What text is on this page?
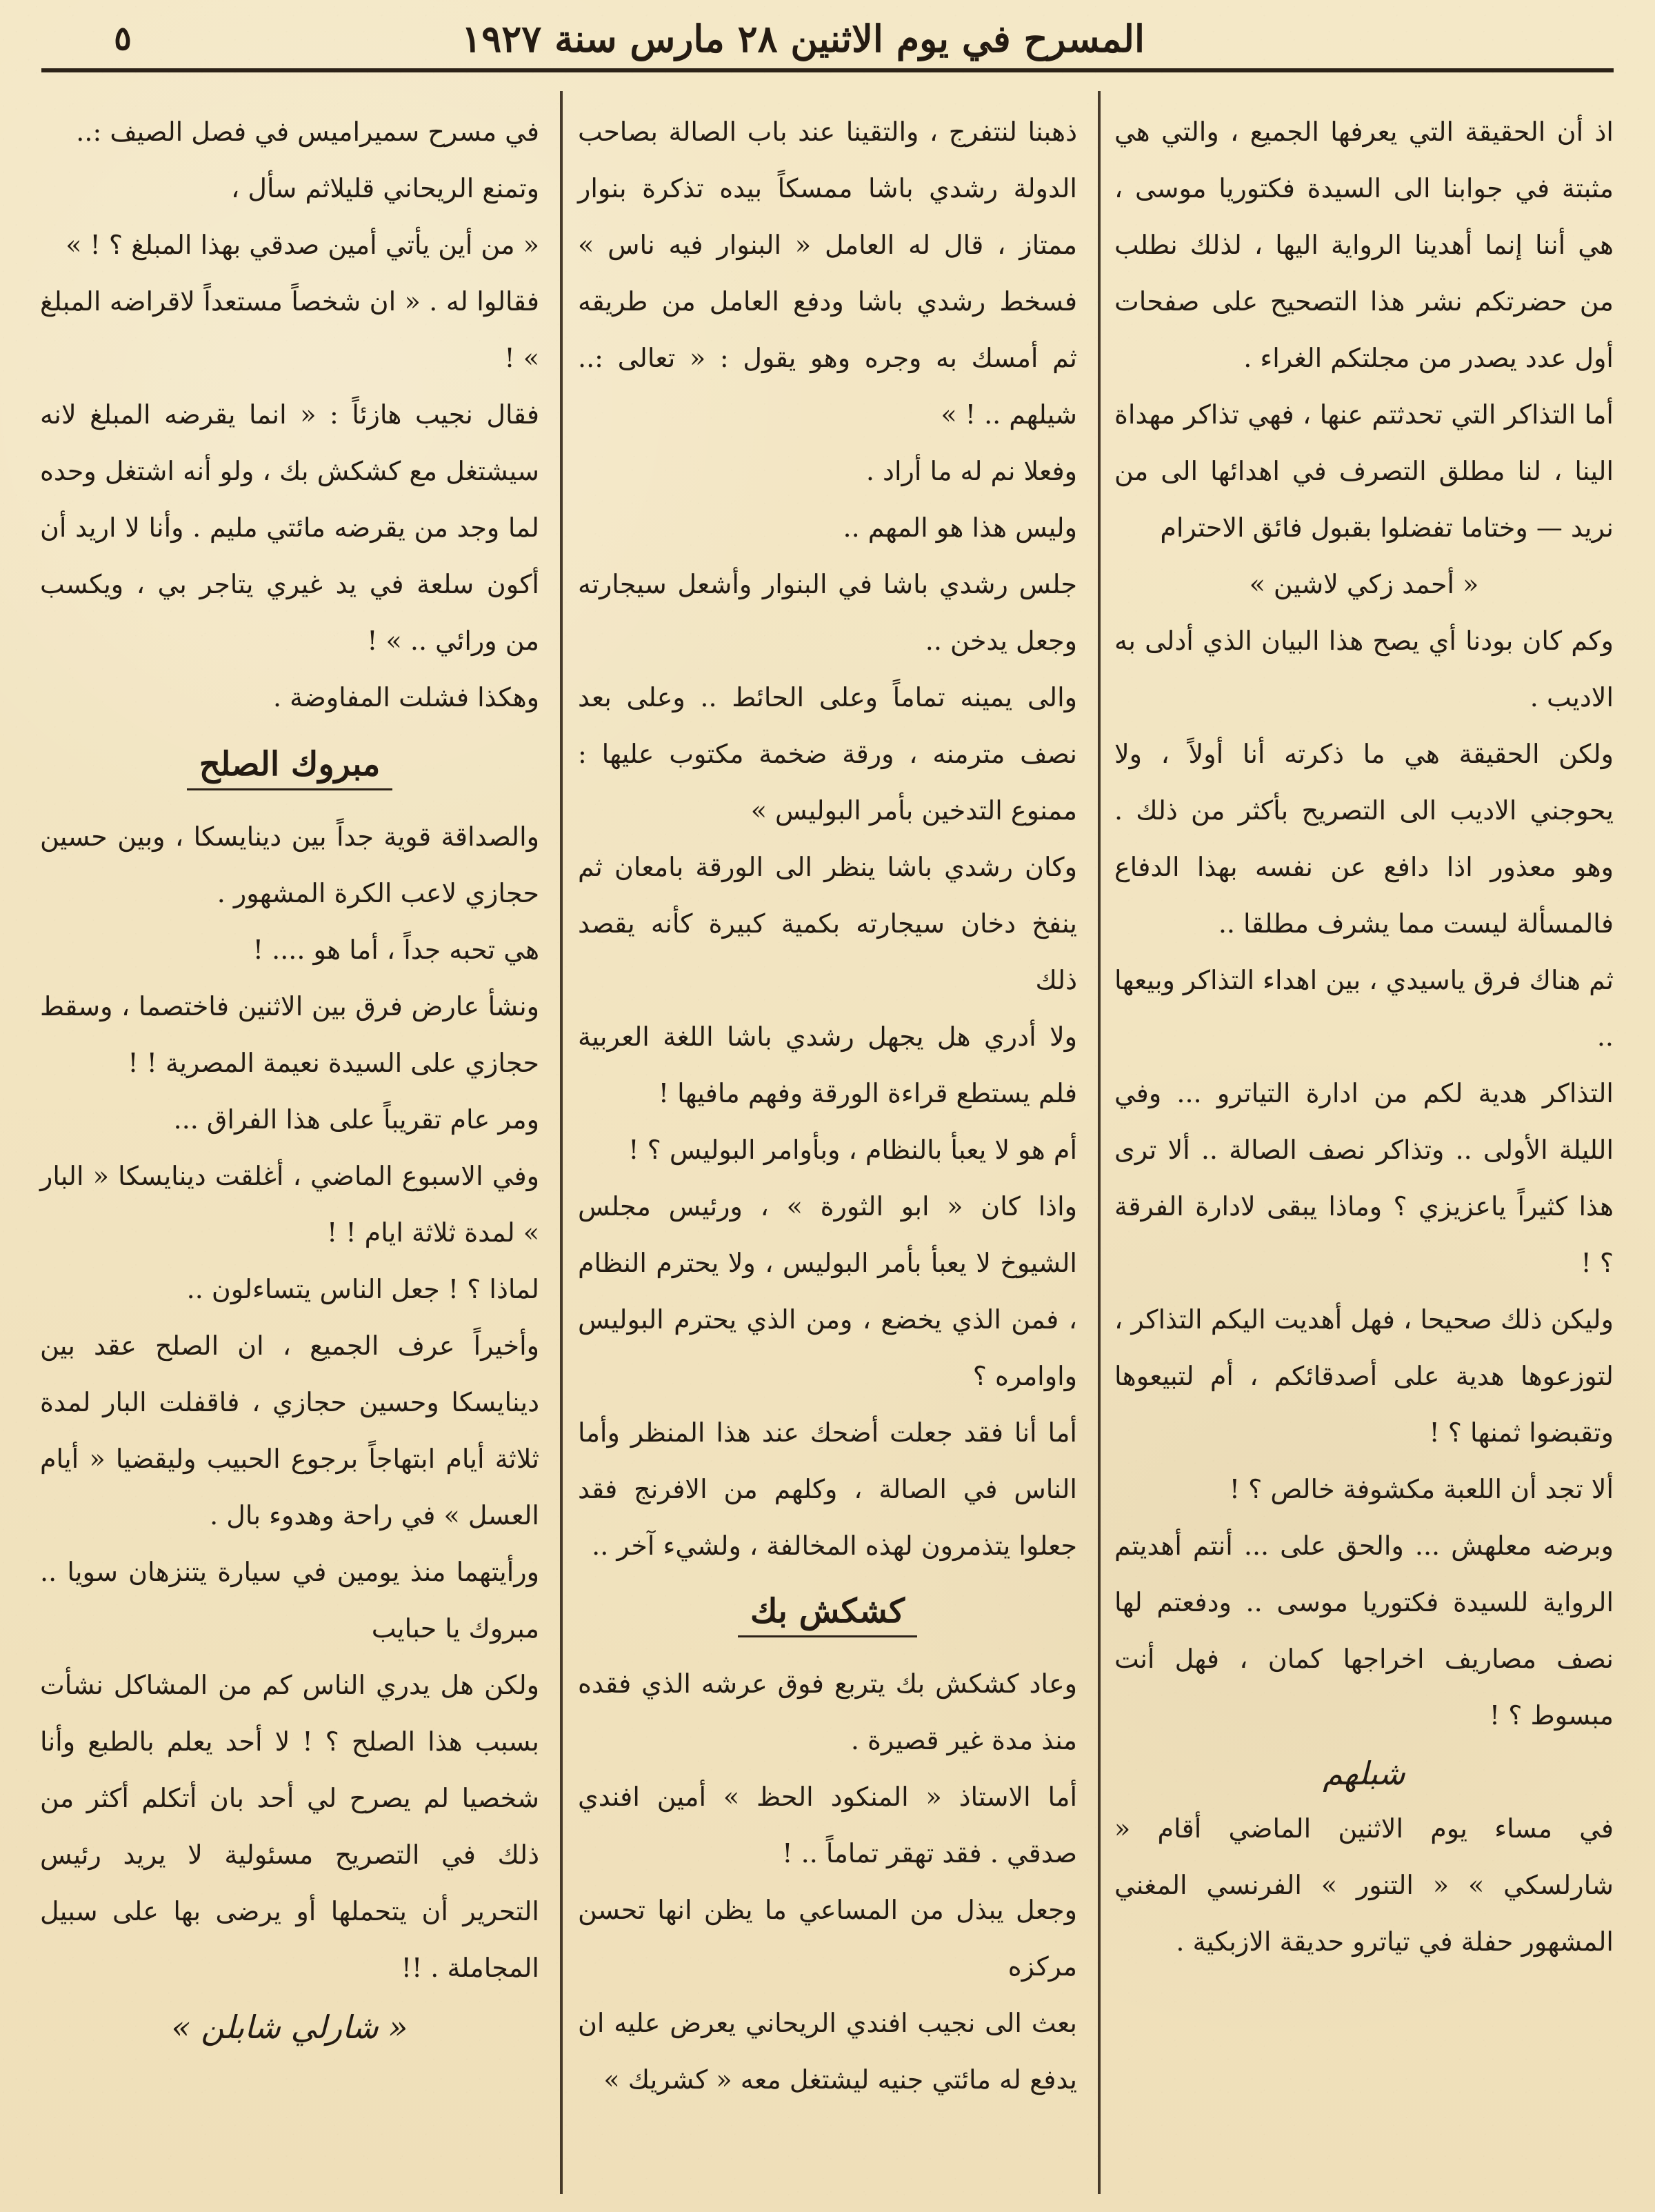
٥	المسرح في يوم الاثنين ۲۸ مارس سنة ۱۹۲۷

اذ أن الحقيقة التي يعرفها الجميع ، والتي هي مثبتة في جوابنا الى السيدة فكتوريا موسى ، هي أننا إنما أهدينا الرواية اليها ، لذلك نطلب من حضرتكم نشر هذا التصحيح على صفحات أول عدد يصدر من مجلتكم الغراء .

أما التذاكر التي تحدثتم عنها ، فهي تذاكر مهداة الينا ، لنا مطلق التصرف في اهدائها الى من نريد — وختاما تفضلوا بقبول فائق الاحترام

« أحمد زكي لاشين »

وكم كان بودنا أي يصح هذا البيان الذي أدلى به الاديب .

ولكن الحقيقة هي ما ذكرته أنا أولاً ، ولا يحوجني الاديب الى التصريح بأكثر من ذلك . وهو معذور اذا دافع عن نفسه بهذا الدفاع فالمسألة ليست مما يشرف مطلقا ..

ثم هناك فرق ياسيدي ، بين اهداء التذاكر وبيعها ..

التذاكر هدية لكم من ادارة التياترو ... وفي الليلة الأولى .. وتذاكر نصف الصالة .. ألا ترى هذا كثيراً ياعزيزي ؟ وماذا يبقى لادارة الفرقة ؟ !

وليكن ذلك صحيحا ، فهل أهديت اليكم التذاكر ، لتوزعوها هدية على أصدقائكم ، أم لتبيعوها وتقبضوا ثمنها ؟ !

ألا تجد أن اللعبة مكشوفة خالص ؟ !

وبرضه معلهش ... والحق على ... أنتم أهديتم الرواية للسيدة فكتوريا موسى .. ودفعتم لها نصف مصاريف اخراجها كمان ، فهل أنت مبسوط ؟ !

شبلهم

في مساء يوم الاثنين الماضي أقام « شارلسكي » « التنور » الفرنسي المغني المشهور حفلة في تياترو حديقة الازبكية .

ذهبنا لنتفرج ، والتقينا عند باب الصالة بصاحب الدولة رشدي باشا ممسكاً بيده تذكرة بنوار ممتاز ، قال له العامل « البنوار فيه ناس » فسخط رشدي باشا ودفع العامل من طريقه ثم أمسك به وجره وهو يقول : « تعالى :.. شيلهم .. ! »

وفعلا نم له ما أراد .

وليس هذا هو المهم ..

جلس رشدي باشا في البنوار وأشعل سيجارته وجعل يدخن ..

والى يمينه تماماً وعلى الحائط .. وعلى بعد نصف مترمنه ، ورقة ضخمة مكتوب عليها : ممنوع التدخين بأمر البوليس »

وكان رشدي باشا ينظر الى الورقة بامعان ثم ينفخ دخان سيجارته بكمية كبيرة كأنه يقصد ذلك

ولا أدري هل يجهل رشدي باشا اللغة العربية فلم يستطع قراءة الورقة وفهم مافيها !

أم هو لا يعبأ بالنظام ، وبأوامر البوليس ؟ !

واذا كان « ابو الثورة » ، ورئيس مجلس الشيوخ لا يعبأ بأمر البوليس ، ولا يحترم النظام ، فمن الذي يخضع ، ومن الذي يحترم البوليس واوامره ؟

أما أنا فقد جعلت أضحك عند هذا المنظر وأما الناس في الصالة ، وكلهم من الافرنج فقد جعلوا يتذمرون لهذه المخالفة ، ولشيء آخر ..

كشكش بك

وعاد كشكش بك يتربع فوق عرشه الذي فقده منذ مدة غير قصيرة .

أما الاستاذ « المنكود الحظ » أمين افندي صدقي . فقد تهقر تماماً .. !

وجعل يبذل من المساعي ما يظن انها تحسن مركزه

بعث الى نجيب افندي الريحاني يعرض عليه ان يدفع له مائتي جنيه ليشتغل معه « كشريك »

في مسرح سميراميس في فصل الصيف :..

وتمنع الريحاني قليلاثم سأل ،

« من أين يأتي أمين صدقي بهذا المبلغ ؟ ! »

فقالوا له . « ان شخصاً مستعداً لاقراضه المبلغ » !

فقال نجيب هازئاً : « انما يقرضه المبلغ لانه سيشتغل مع كشكش بك ، ولو أنه اشتغل وحده لما وجد من يقرضه مائتي مليم . وأنا لا اريد أن أكون سلعة في يد غيري يتاجر بي ، ويكسب من ورائي .. » !

وهكذا فشلت المفاوضة .

مبروك الصلح

والصداقة قوية جداً بين دينايسكا ، وبين حسين حجازي لاعب الكرة المشهور .

هي تحبه جداً ، أما هو .... !

ونشأ عارض فرق بين الاثنين فاختصما ، وسقط حجازي على السيدة نعيمة المصرية ! !

ومر عام تقريباً على هذا الفراق ...

وفي الاسبوع الماضي ، أغلقت دينايسكا « البار » لمدة ثلاثة ايام ! !

لماذا ؟ ! جعل الناس يتساءلون ..

وأخيراً عرف الجميع ، ان الصلح عقد بين دينايسكا وحسين حجازي ، فاقفلت البار لمدة ثلاثة أيام ابتهاجاً برجوع الحبيب وليقضيا « أيام العسل » في راحة وهدوء بال .

ورأيتهما منذ يومين في سيارة يتنزهان سويا .. مبروك يا حبايب

ولكن هل يدري الناس كم من المشاكل نشأت بسبب هذا الصلح ؟ ! لا أحد يعلم بالطبع وأنا شخصيا لم يصرح لي أحد بان أتكلم أكثر من ذلك في التصريح مسئولية لا يريد رئيس التحرير أن يتحملها أو يرضى بها على سبيل المجاملة . !!

« شارلي شابلن »
